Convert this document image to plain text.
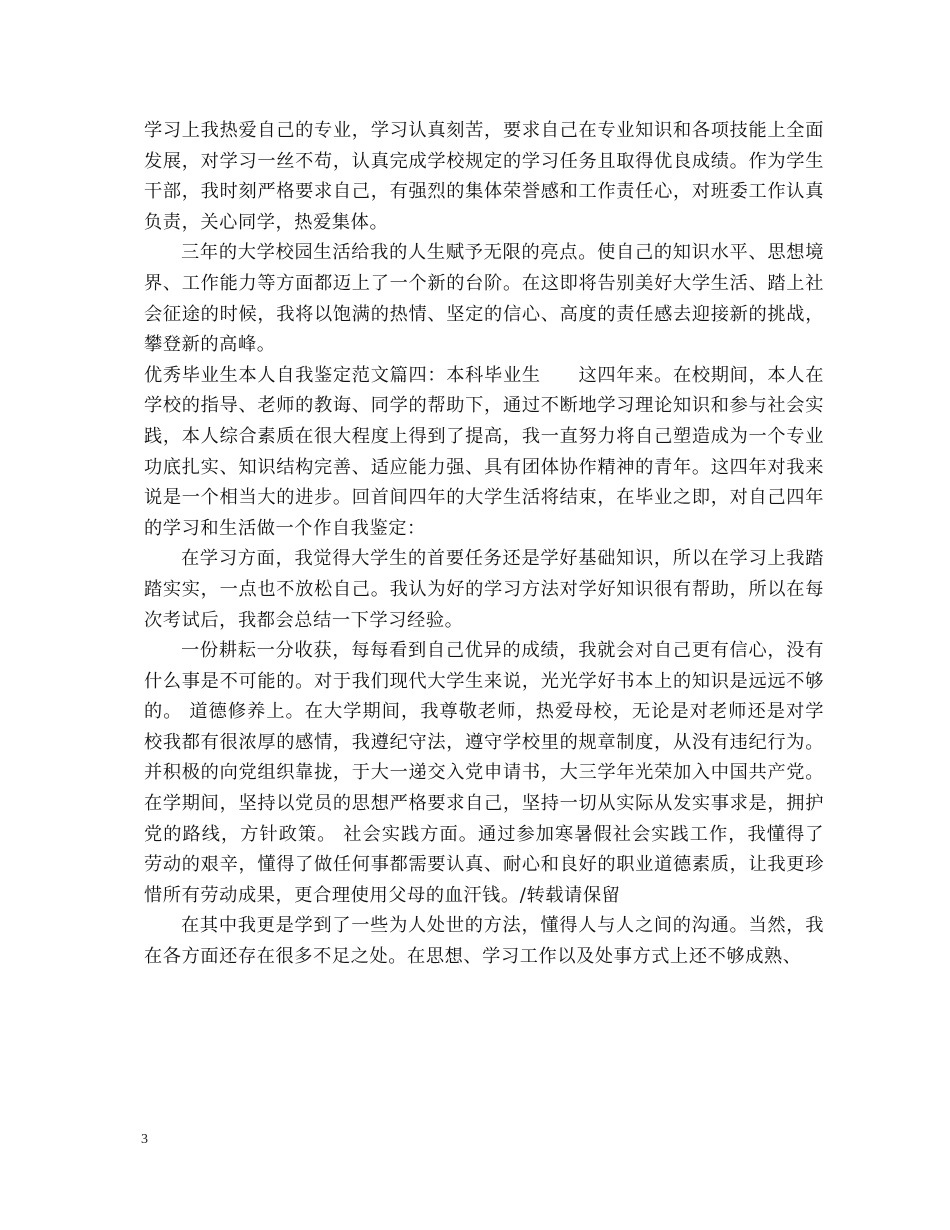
学习上我热爱自己的专业，学习认真刻苦，要求自己在专业知识和各项技能上全面发展，对学习一丝不苟，认真完成学校规定的学习任务且取得优良成绩。作为学生干部，我时刻严格要求自己，有强烈的集体荣誉感和工作责任心，对班委工作认真负责，关心同学，热爱集体。

三年的大学校园生活给我的人生赋予无限的亮点。使自己的知识水平、思想境界、工作能力等方面都迈上了一个新的台阶。在这即将告别美好大学生活、踏上社会征途的时候，我将以饱满的热情、坚定的信心、高度的责任感去迎接新的挑战，攀登新的高峰。

优秀毕业生本人自我鉴定范文篇四：本科毕业生　　这四年来。在校期间，本人在学校的指导、老师的教诲、同学的帮助下，通过不断地学习理论知识和参与社会实践，本人综合素质在很大程度上得到了提高，我一直努力将自己塑造成为一个专业功底扎实、知识结构完善、适应能力强、具有团体协作精神的青年。这四年对我来说是一个相当大的进步。回首间四年的大学生活将结束，在毕业之即，对自己四年的学习和生活做一个作自我鉴定：

在学习方面，我觉得大学生的首要任务还是学好基础知识，所以在学习上我踏踏实实，一点也不放松自己。我认为好的学习方法对学好知识很有帮助，所以在每次考试后，我都会总结一下学习经验。

一份耕耘一分收获，每每看到自己优异的成绩，我就会对自己更有信心，没有什么事是不可能的。对于我们现代大学生来说，光光学好书本上的知识是远远不够的。 道德修养上。在大学期间，我尊敬老师，热爱母校，无论是对老师还是对学校我都有很浓厚的感情，我遵纪守法，遵守学校里的规章制度，从没有违纪行为。并积极的向党组织靠拢，于大一递交入党申请书，大三学年光荣加入中国共产党。在学期间，坚持以党员的思想严格要求自己，坚持一切从实际从发实事求是，拥护党的路线，方针政策。 社会实践方面。通过参加寒暑假社会实践工作，我懂得了劳动的艰辛，懂得了做任何事都需要认真、耐心和良好的职业道德素质，让我更珍惜所有劳动成果，更合理使用父母的血汗钱。/转载请保留

在其中我更是学到了一些为人处世的方法，懂得人与人之间的沟通。当然，我在各方面还存在很多不足之处。在思想、学习工作以及处事方式上还不够成熟、

3
